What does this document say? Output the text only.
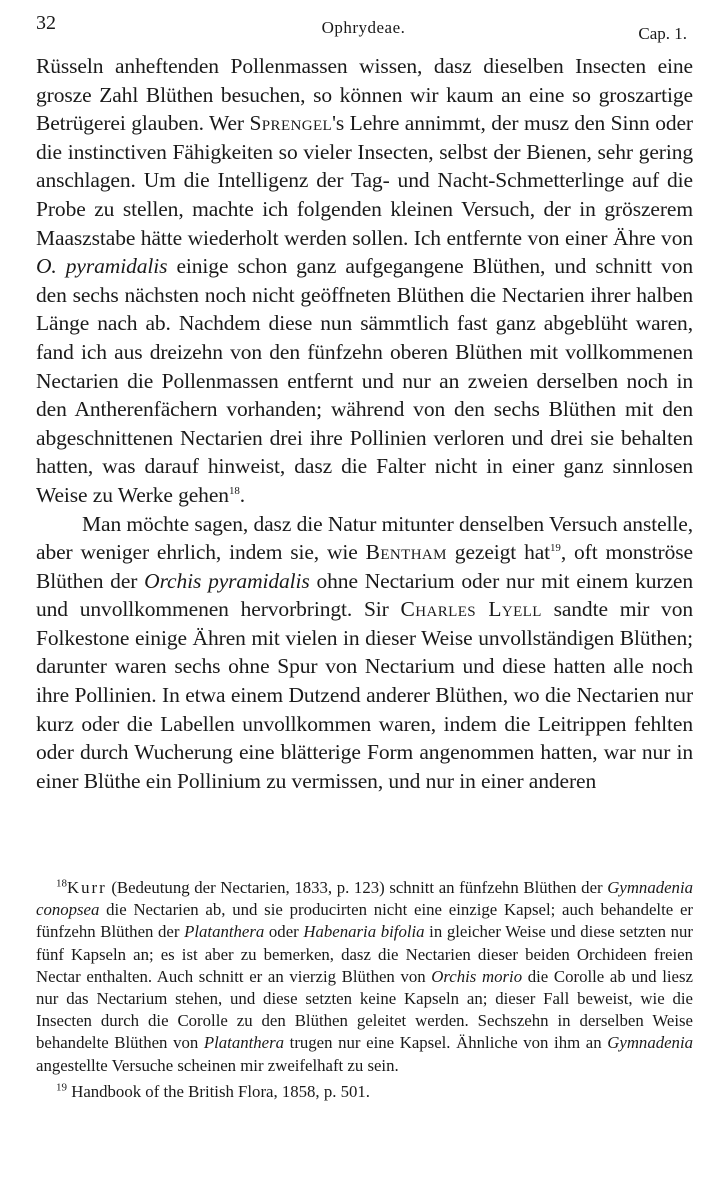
32	Ophrydeae.	Cap. 1.

Rüsseln anheftenden Pollenmassen wissen, dasz dieselben Insecten eine grosze Zahl Blüthen besuchen, so können wir kaum an eine so groszartige Betrügerei glauben. Wer Sprengel's Lehre annimmt, der musz den Sinn oder die instinctiven Fähigkeiten so vieler Insecten, selbst der Bienen, sehr gering anschlagen. Um die Intelligenz der Tag- und Nacht-Schmetterlinge auf die Probe zu stellen, machte ich folgenden kleinen Versuch, der in gröszerem Maaszstabe hätte wiederholt werden sollen. Ich entfernte von einer Ähre von O. pyramidalis einige schon ganz aufgegangene Blüthen, und schnitt von den sechs nächsten noch nicht geöffneten Blüthen die Nectarien ihrer halben Länge nach ab. Nachdem diese nun sämmtlich fast ganz abgeblüht waren, fand ich aus dreizehn von den fünfzehn oberen Blüthen mit vollkommenen Nectarien die Pollenmassen entfernt und nur an zweien derselben noch in den Antherenfächern vorhanden; während von den sechs Blüthen mit den abgeschnittenen Nectarien drei ihre Pollinien verloren und drei sie behalten hatten, was darauf hinweist, dasz die Falter nicht in einer ganz sinnlosen Weise zu Werke gehen$^{18}$.

Man möchte sagen, dasz die Natur mitunter denselben Versuch anstelle, aber weniger ehrlich, indem sie, wie Bentham gezeigt hat$^{19}$, oft monströse Blüthen der Orchis pyramidalis ohne Nectarium oder nur mit einem kurzen und unvollkommenen hervorbringt. Sir Charles Lyell sandte mir von Folkestone einige Ähren mit vielen in dieser Weise unvollständigen Blüthen; darunter waren sechs ohne Spur von Nectarium und diese hatten alle noch ihre Pollinien. In etwa einem Dutzend anderer Blüthen, wo die Nectarien nur kurz oder die Labellen unvollkommen waren, indem die Leitrippen fehlten oder durch Wucherung eine blätterige Form angenommen hatten, war nur in einer Blüthe ein Pollinium zu vermissen, und nur in einer anderen

$^{18}$Kurr (Bedeutung der Nectarien, 1833, p. 123) schnitt an fünfzehn Blüthen der Gymnadenia conopsea die Nectarien ab, und sie producirten nicht eine einzige Kapsel; auch behandelte er fünfzehn Blüthen der Platanthera oder Habenaria bifolia in gleicher Weise und diese setzten nur fünf Kapseln an; es ist aber zu bemerken, dasz die Nectarien dieser beiden Orchideen freien Nectar enthalten. Auch schnitt er an vierzig Blüthen von Orchis morio die Corolle ab und liesz nur das Nectarium stehen, und diese setzten keine Kapseln an; dieser Fall beweist, wie die Insecten durch die Corolle zu den Blüthen geleitet werden. Sechszehn in derselben Weise behandelte Blüthen von Platanthera trugen nur eine Kapsel. Ähnliche von ihm an Gymnadenia angestellte Versuche scheinen mir zweifelhaft zu sein.

$^{19}$ Handbook of the British Flora, 1858, p. 501.
